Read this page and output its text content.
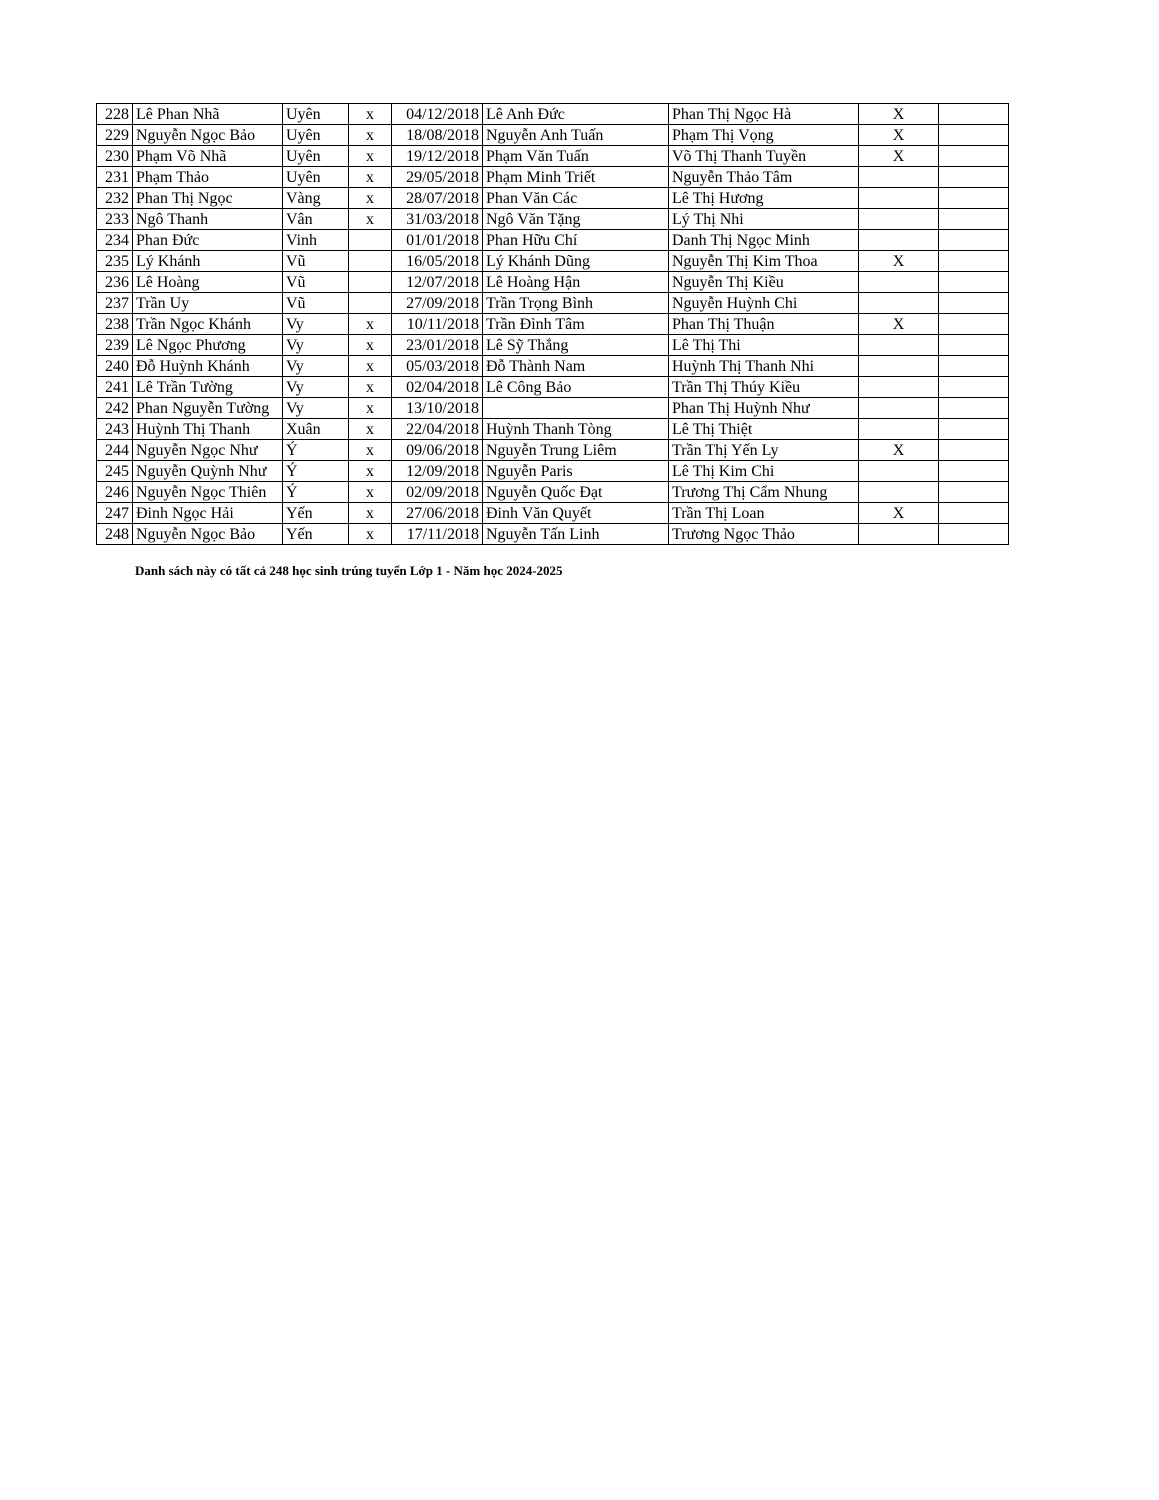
228	Lê Phan Nhã	Uyên	x	04/12/2018	Lê Anh Đức	Phan Thị Ngọc Hà	X	
229	Nguyễn Ngọc Bảo	Uyên	x	18/08/2018	Nguyễn Anh Tuấn	Phạm Thị Vọng	X	
230	Phạm Võ Nhã	Uyên	x	19/12/2018	Phạm Văn Tuấn	Võ Thị Thanh Tuyền	X	
231	Phạm Thảo	Uyên	x	29/05/2018	Phạm Minh Triết	Nguyễn Thảo Tâm		
232	Phan Thị Ngọc	Vàng	x	28/07/2018	Phan Văn Các	Lê Thị Hương		
233	Ngô Thanh	Vân	x	31/03/2018	Ngô Văn Tặng	Lý Thị Nhi		
234	Phan Đức	Vinh		01/01/2018	Phan Hữu Chí	Danh Thị Ngọc Minh		
235	Lý Khánh	Vũ		16/05/2018	Lý Khánh Dũng	Nguyễn Thị Kim Thoa	X	
236	Lê Hoàng	Vũ		12/07/2018	Lê Hoàng Hận	Nguyễn Thị Kiều		
237	Trần Uy	Vũ		27/09/2018	Trần Trọng Bình	Nguyễn Huỳnh Chi		
238	Trần Ngọc Khánh	Vy	x	10/11/2018	Trần Đình Tâm	Phan Thị Thuận	X	
239	Lê Ngọc Phương	Vy	x	23/01/2018	Lê Sỹ Thắng	Lê Thị Thi		
240	Đỗ Huỳnh Khánh	Vy	x	05/03/2018	Đỗ Thành Nam	Huỳnh Thị Thanh Nhi		
241	Lê Trần Tường	Vy	x	02/04/2018	Lê Công Bảo	Trần Thị Thúy Kiều		
242	Phan Nguyễn Tường	Vy	x	13/10/2018		Phan Thị Huỳnh Như		
243	Huỳnh Thị Thanh	Xuân	x	22/04/2018	Huỳnh Thanh Tòng	Lê Thị Thiệt		
244	Nguyễn Ngọc Như	Ý	x	09/06/2018	Nguyễn Trung Liêm	Trần Thị Yến Ly	X	
245	Nguyễn Quỳnh Như	Ý	x	12/09/2018	Nguyễn Paris	Lê Thị Kim Chi		
246	Nguyễn Ngọc Thiên	Ý	x	02/09/2018	Nguyễn Quốc Đạt	Trương Thị Cẩm Nhung		
247	Đinh Ngọc Hải	Yến	x	27/06/2018	Đinh Văn Quyết	Trần Thị Loan	X	
248	Nguyễn Ngọc Bảo	Yến	x	17/11/2018	Nguyễn Tấn Linh	Trương Ngọc Thảo		
Danh sách này có tất cả 248 học sinh trúng tuyển Lớp 1 - Năm học 2024-2025
